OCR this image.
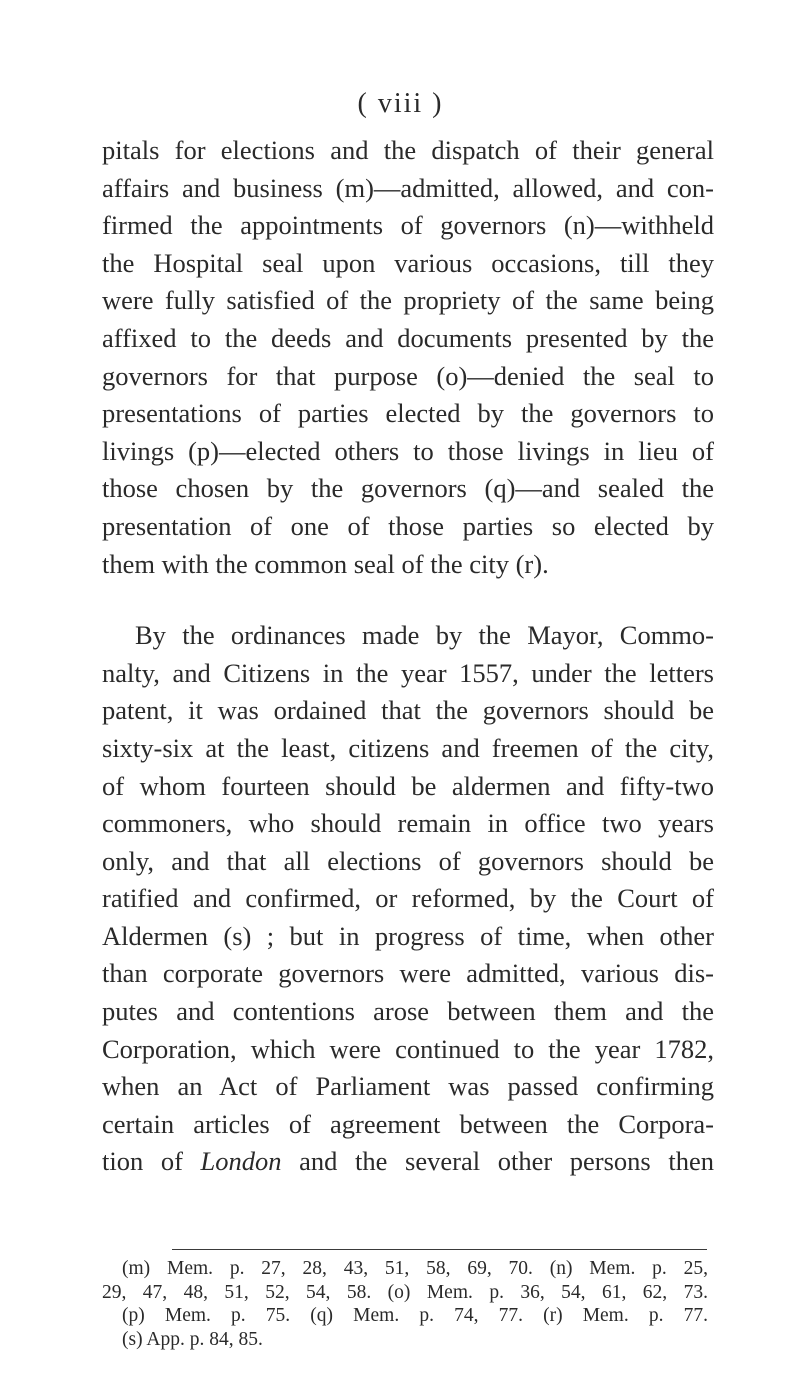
( viii )
pitals for elections and the dispatch of their general
affairs and business (m)—admitted, allowed, and con-
firmed the appointments of governors (n)—withheld
the Hospital seal upon various occasions, till they
were fully satisfied of the propriety of the same being
affixed to the deeds and documents presented by the
governors for that purpose (o)—denied the seal to
presentations of parties elected by the governors to
livings (p)—elected others to those livings in lieu of
those chosen by the governors (q)—and sealed the
presentation of one of those parties so elected by
them with the common seal of the city (r).
By the ordinances made by the Mayor, Commo-
nalty, and Citizens in the year 1557, under the letters
patent, it was ordained that the governors should be
sixty-six at the least, citizens and freemen of the city,
of whom fourteen should be aldermen and fifty-two
commoners, who should remain in office two years
only, and that all elections of governors should be
ratified and confirmed, or reformed, by the Court of
Aldermen (s) ; but in progress of time, when other
than corporate governors were admitted, various dis-
putes and contentions arose between them and the
Corporation, which were continued to the year 1782,
when an Act of Parliament was passed confirming
certain articles of agreement between the Corpora-
tion of London and the several other persons then
(m) Mem. p. 27, 28, 43, 51, 58, 69, 70. (n) Mem. p. 25,
29, 47, 48, 51, 52, 54, 58. (o) Mem. p. 36, 54, 61, 62, 73.
(p) Mem. p. 75. (q) Mem. p. 74, 77. (r) Mem. p. 77.
(s) App. p. 84, 85.
